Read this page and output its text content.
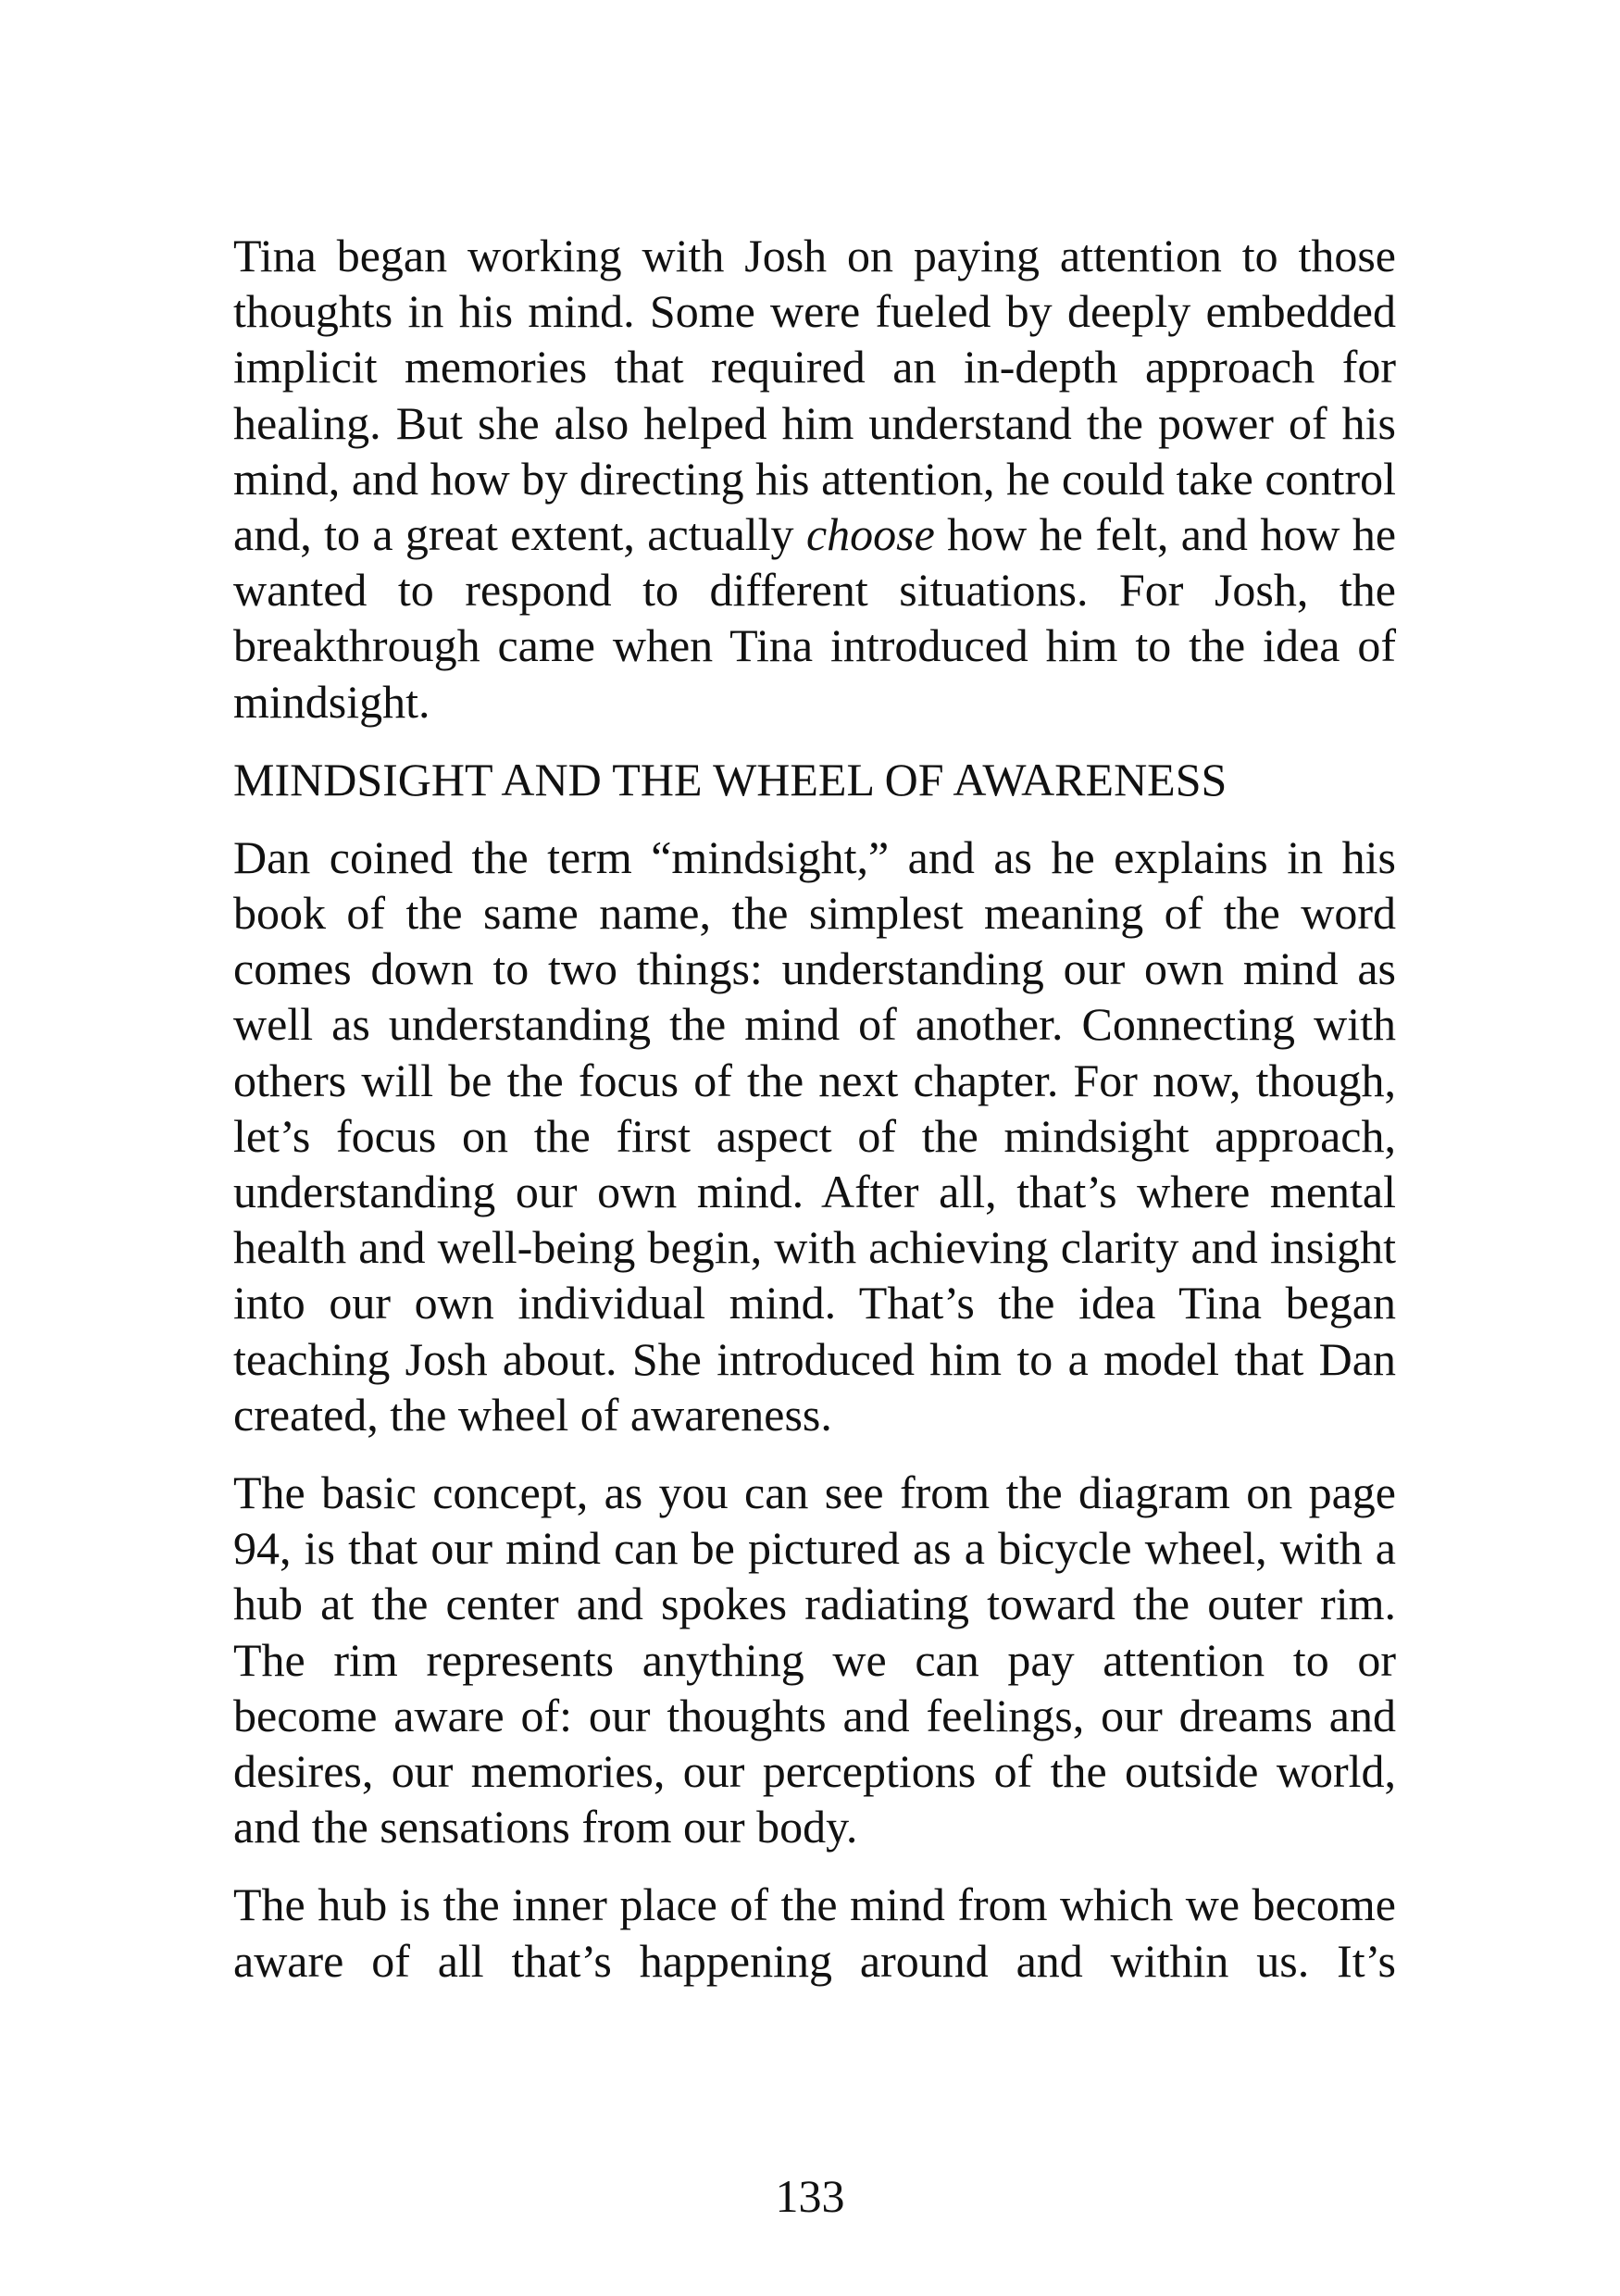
Tina began working with Josh on paying attention to those thoughts in his mind. Some were fueled by deeply embedded implicit memories that required an in-depth approach for healing. But she also helped him understand the power of his mind, and how by directing his attention, he could take control and, to a great extent, actually choose how he felt, and how he wanted to respond to different situations. For Josh, the breakthrough came when Tina introduced him to the idea of mindsight.

MINDSIGHT AND THE WHEEL OF AWARENESS

Dan coined the term “mindsight,” and as he explains in his book of the same name, the simplest meaning of the word comes down to two things: understanding our own mind as well as understanding the mind of another. Connecting with others will be the focus of the next chapter. For now, though, let’s focus on the first aspect of the mindsight approach, understanding our own mind. After all, that’s where mental health and well-being begin, with achieving clarity and insight into our own individual mind. That’s the idea Tina began teaching Josh about. She introduced him to a model that Dan created, the wheel of awareness.

The basic concept, as you can see from the diagram on page 94, is that our mind can be pictured as a bicycle wheel, with a hub at the center and spokes radiating toward the outer rim. The rim represents anything we can pay attention to or become aware of: our thoughts and feelings, our dreams and desires, our memories, our perceptions of the outside world, and the sensations from our body.

The hub is the inner place of the mind from which we become aware of all that’s happening around and within us. It’s

133
